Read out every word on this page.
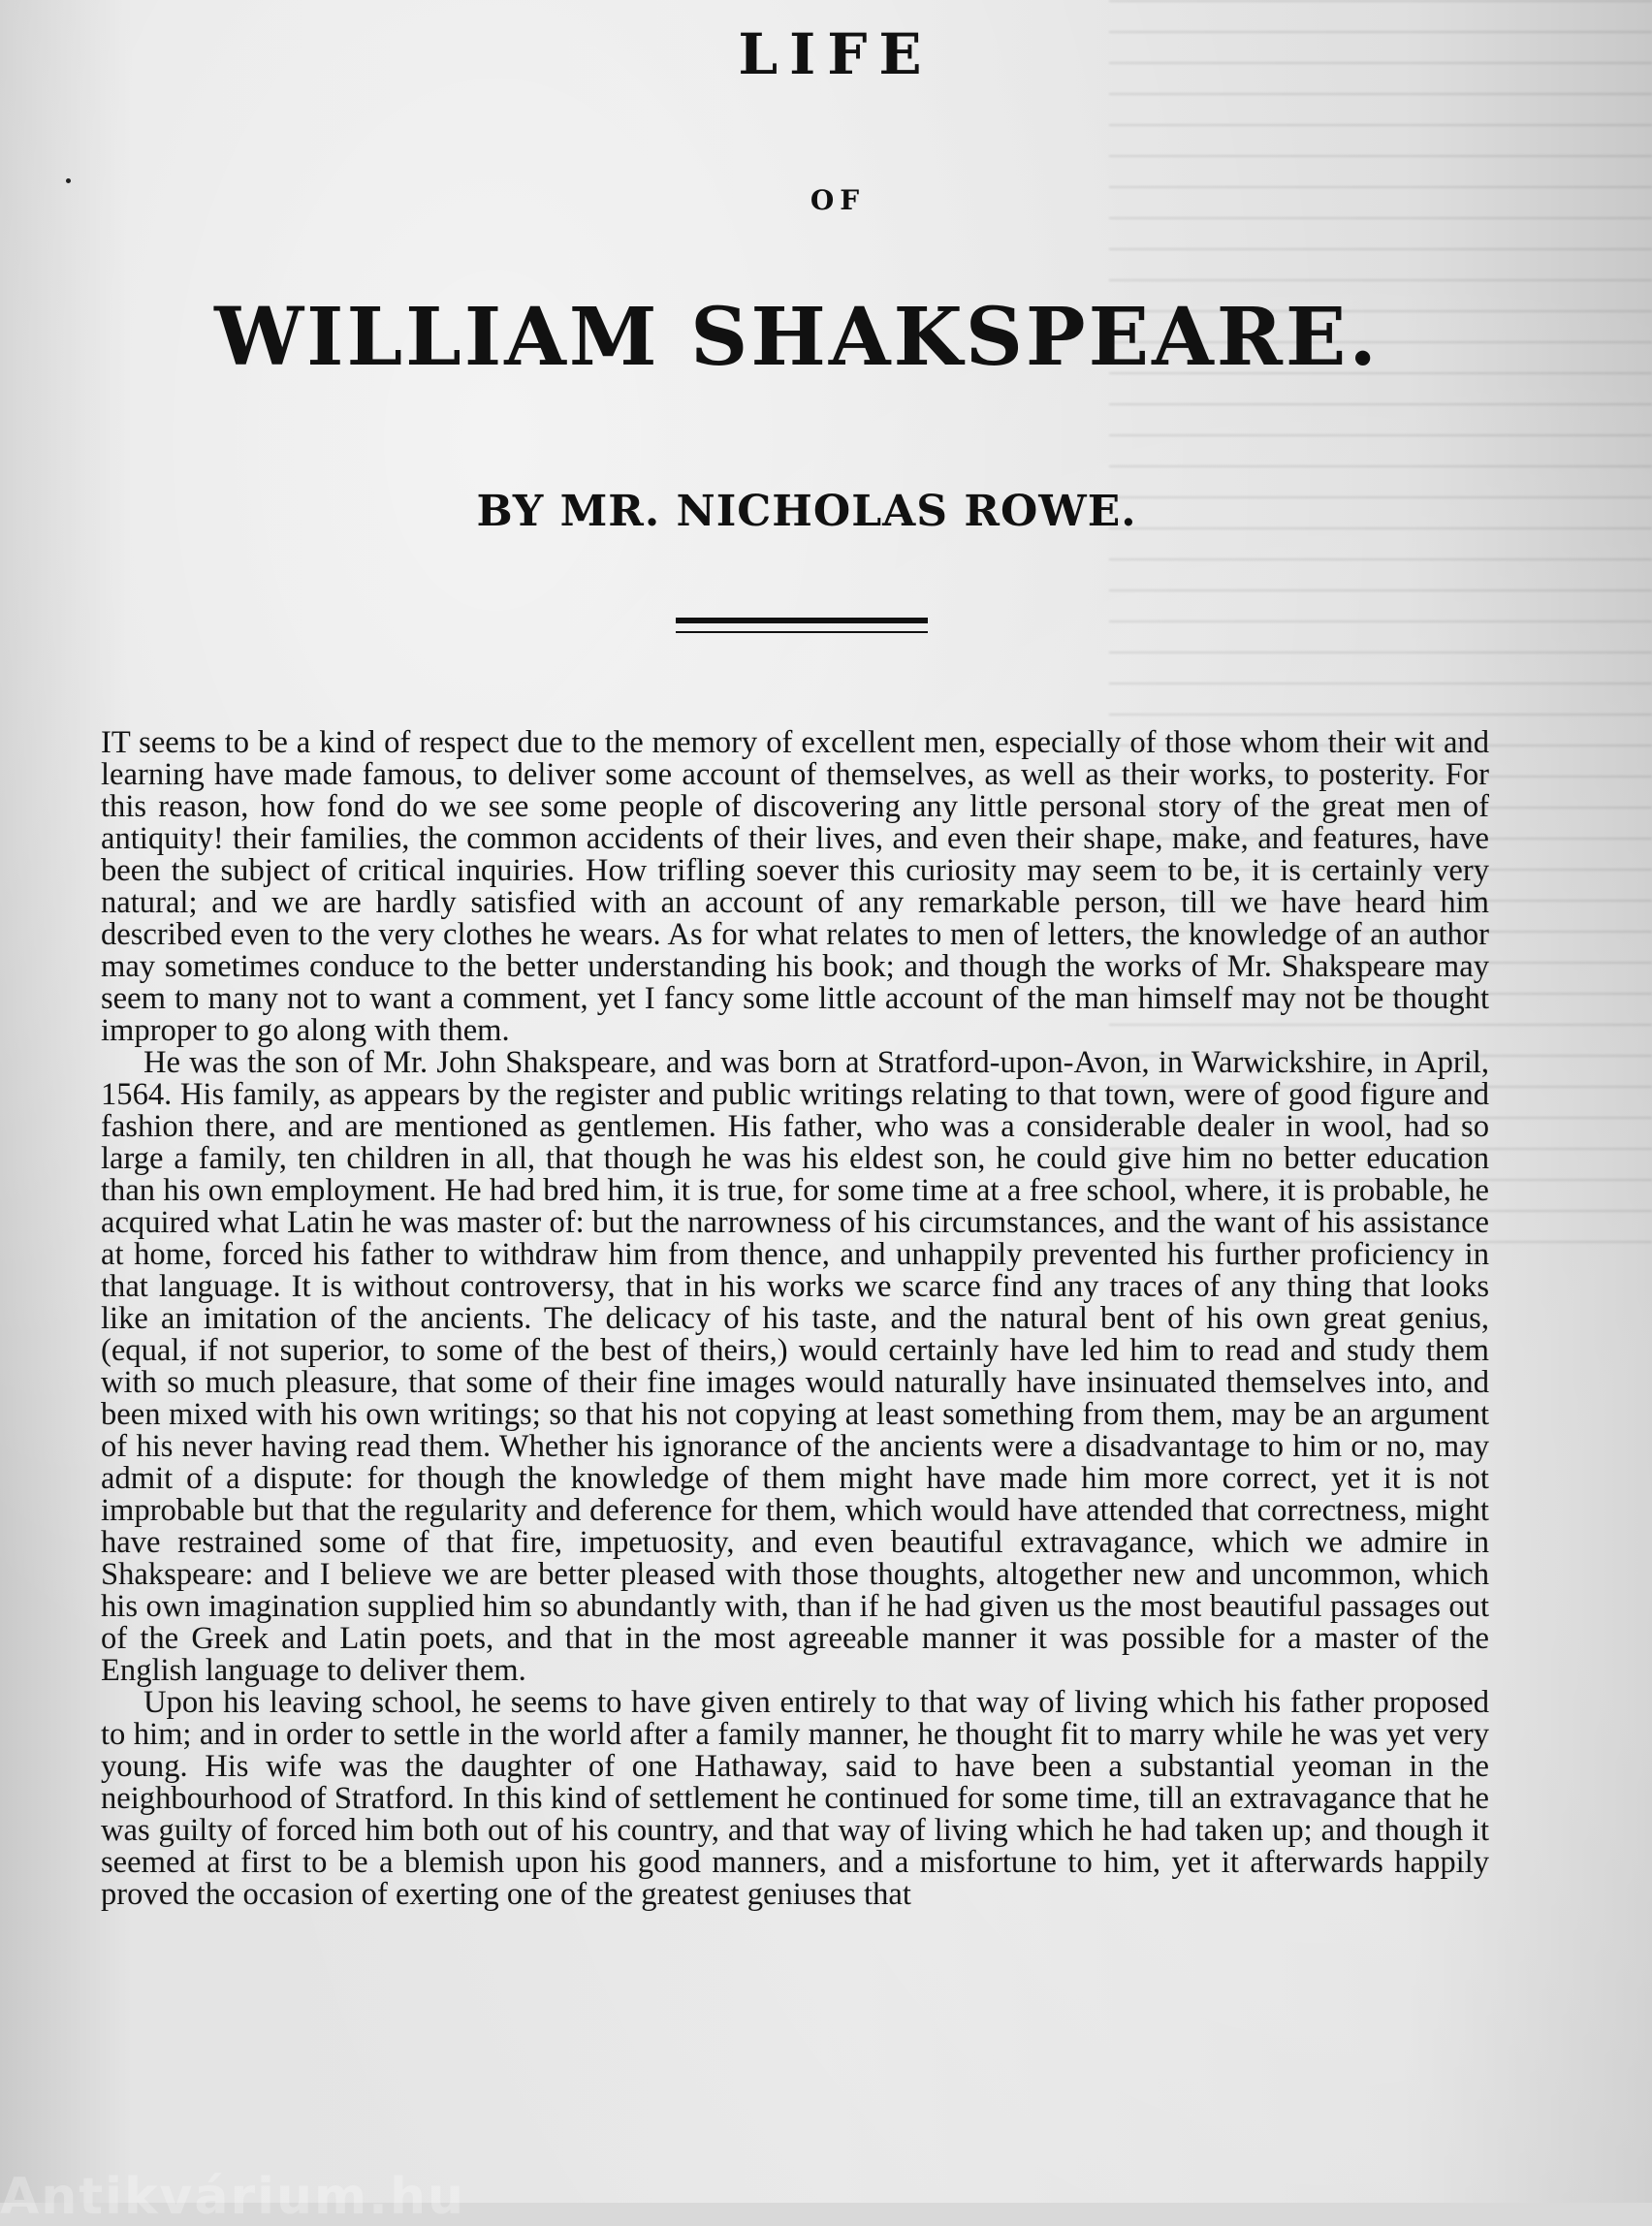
LIFE
OF
WILLIAM SHAKSPEARE.
BY MR. NICHOLAS ROWE.

IT seems to be a kind of respect due to the memory of excellent men, especially of those whom their wit and learning have made famous, to deliver some account of themselves, as well as their works, to posterity. For this reason, how fond do we see some people of discovering any little personal story of the great men of antiquity! their families, the common accidents of their lives, and even their shape, make, and features, have been the subject of critical inquiries. How trifling soever this curiosity may seem to be, it is certainly very natural; and we are hardly satisfied with an account of any remarkable person, till we have heard him described even to the very clothes he wears. As for what relates to men of letters, the knowledge of an author may sometimes conduce to the better understanding his book; and though the works of Mr. Shakspeare may seem to many not to want a comment, yet I fancy some little account of the man himself may not be thought improper to go along with them.

He was the son of Mr. John Shakspeare, and was born at Stratford-upon-Avon, in Warwickshire, in April, 1564. His family, as appears by the register and public writings relating to that town, were of good figure and fashion there, and are mentioned as gentlemen. His father, who was a considerable dealer in wool, had so large a family, ten children in all, that though he was his eldest son, he could give him no better education than his own employment. He had bred him, it is true, for some time at a free school, where, it is probable, he acquired what Latin he was master of: but the narrowness of his circumstances, and the want of his assistance at home, forced his father to withdraw him from thence, and unhappily prevented his further proficiency in that language. It is without controversy, that in his works we scarce find any traces of any thing that looks like an imitation of the ancients. The delicacy of his taste, and the natural bent of his own great genius, (equal, if not superior, to some of the best of theirs,) would certainly have led him to read and study them with so much pleasure, that some of their fine images would naturally have insinuated themselves into, and been mixed with his own writings; so that his not copying at least something from them, may be an argument of his never having read them. Whether his ignorance of the ancients were a disadvantage to him or no, may admit of a dispute: for though the knowledge of them might have made him more correct, yet it is not improbable but that the regularity and deference for them, which would have attended that correctness, might have restrained some of that fire, impetuosity, and even beautiful extravagance, which we admire in Shakspeare: and I believe we are better pleased with those thoughts, altogether new and uncommon, which his own imagination supplied him so abundantly with, than if he had given us the most beautiful passages out of the Greek and Latin poets, and that in the most agreeable manner it was possible for a master of the English language to deliver them.

Upon his leaving school, he seems to have given entirely to that way of living which his father proposed to him; and in order to settle in the world after a family manner, he thought fit to marry while he was yet very young. His wife was the daughter of one Hathaway, said to have been a substantial yeoman in the neighbourhood of Stratford. In this kind of settlement he continued for some time, till an extravagance that he was guilty of forced him both out of his country, and that way of living which he had taken up; and though it seemed at first to be a blemish upon his good manners, and a misfortune to him, yet it afterwards happily proved the occasion of exerting one of the greatest geniuses that

Antikvárium.hu
